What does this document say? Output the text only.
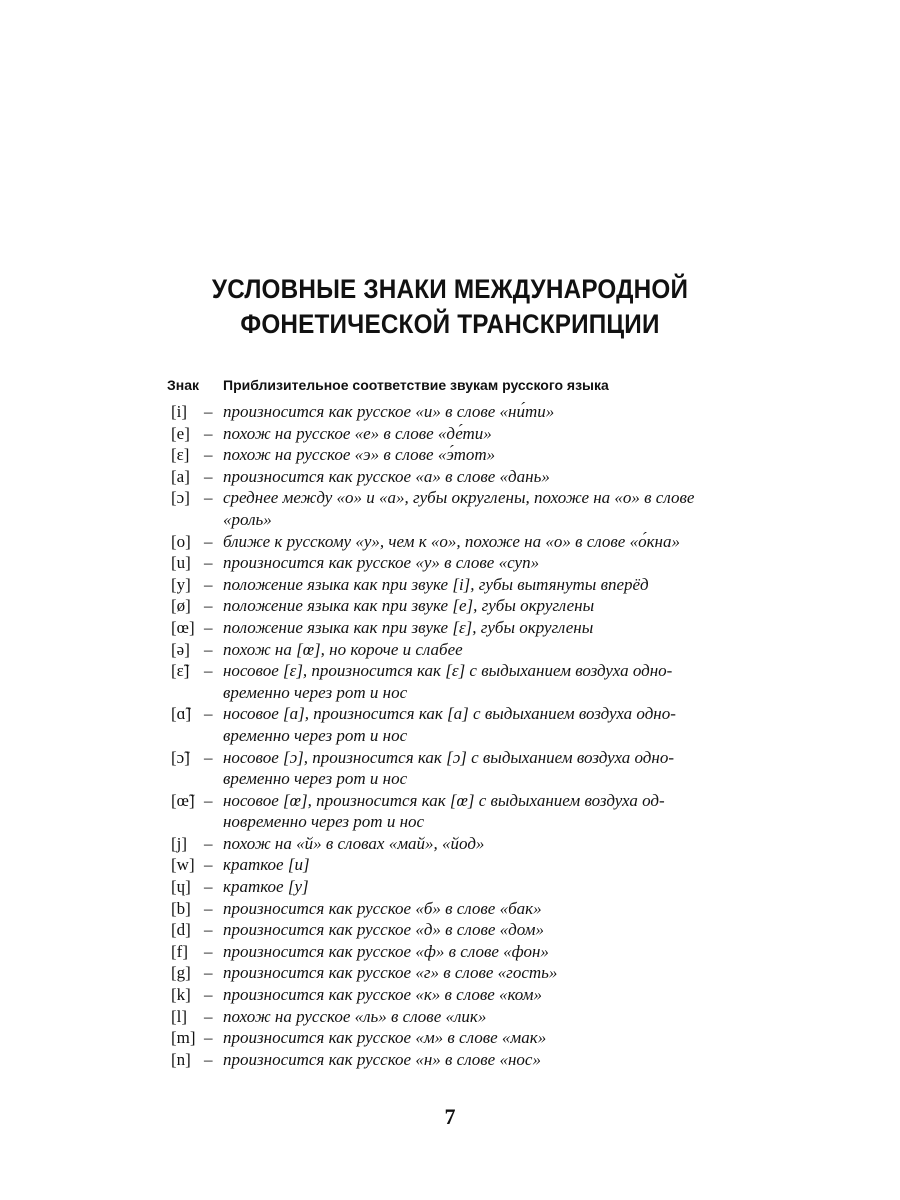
УСЛОВНЫЕ ЗНАКИ МЕЖДУНАРОДНОЙ
ФОНЕТИЧЕСКОЙ ТРАНСКРИПЦИИ
Знак Приблизительное соответствие звукам русского языка
[i] – произносится как русское «и» в слове «ни́ти»
[e] – похож на русское «е» в слове «де́ти»
[ɛ] – похож на русское «э» в слове «э́тот»
[a] – произносится как русское «а» в слове «дань»
[ɔ] – среднее между «о» и «а», губы округлены, похоже на «о» в слове
«роль»
[o] – ближе к русскому «у», чем к «о», похоже на «о» в слове «о́кна»
[u] – произносится как русское «у» в слове «суп»
[y] – положение языка как при звуке [i], губы вытянуты вперёд
[ø] – положение языка как при звуке [e], губы округлены
[œ] – положение языка как при звуке [ɛ], губы округлены
[ə] – похож на [œ], но короче и слабее
[ɛ̃] – носовое [ɛ], произносится как [ɛ] с выдыханием воздуха одно-
временно через рот и нос
[ɑ̃] – носовое [ɑ], произносится как [a] с выдыханием воздуха одно-
временно через рот и нос
[ɔ̃] – носовое [ɔ], произносится как [ɔ] с выдыханием воздуха одно-
временно через рот и нос
[œ̃] – носовое [œ], произносится как [œ] с выдыханием воздуха од-
новременно через рот и нос
[j] – похож на «й» в словах «май», «йод»
[w] – краткое [u]
[ɥ] – краткое [y]
[b] – произносится как русское «б» в слове «бак»
[d] – произносится как русское «д» в слове «дом»
[f] – произносится как русское «ф» в слове «фон»
[g] – произносится как русское «г» в слове «гость»
[k] – произносится как русское «к» в слове «ком»
[l] – похож на русское «ль» в слове «лик»
[m] – произносится как русское «м» в слове «мак»
[n] – произносится как русское «н» в слове «нос»
7
